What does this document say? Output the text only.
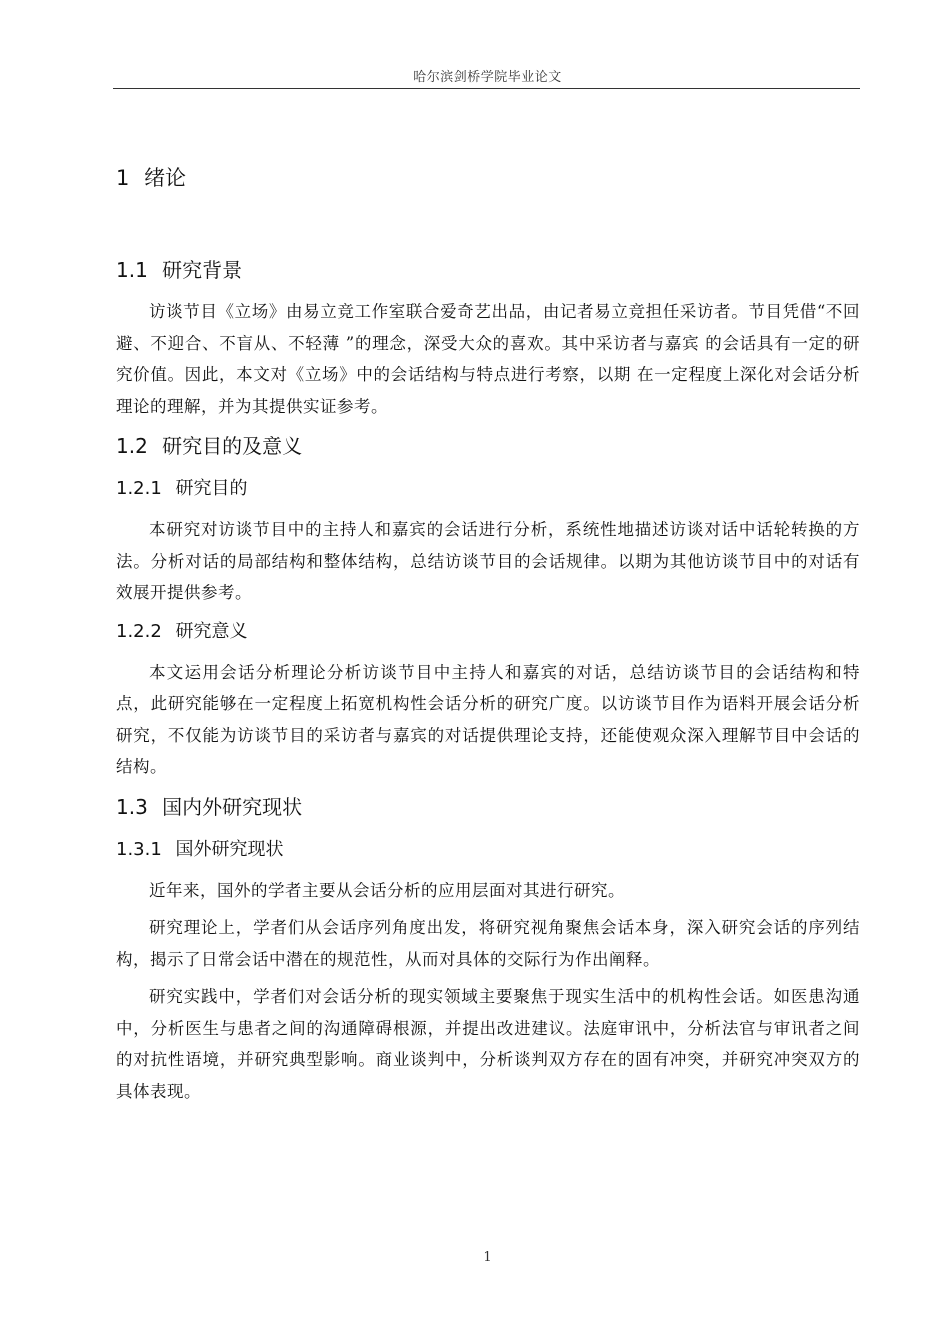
哈尔滨剑桥学院毕业论文
1 绪论
1.1 研究背景

访谈节目《立场》由易立竞工作室联合爱奇艺出品，由记者易立竞担任采访者。节目凭借“不回避、不迎合、不盲从、不轻薄 ”的理念，深受大众的喜欢。其中采访者与嘉宾 的会话具有一定的研究价值。因此，本文对《立场》中的会话结构与特点进行考察，以期 在一定程度上深化对会话分析理论的理解，并为其提供实证参考。

1.2 研究目的及意义
1.2.1 研究目的

本研究对访谈节目中的主持人和嘉宾的会话进行分析，系统性地描述访谈对话中话轮转换的方法。分析对话的局部结构和整体结构，总结访谈节目的会话规律。以期为其他访谈节目中的对话有效展开提供参考。

1.2.2 研究意义

本文运用会话分析理论分析访谈节目中主持人和嘉宾的对话，总结访谈节目的会话结构和特点，此研究能够在一定程度上拓宽机构性会话分析的研究广度。以访谈节目作为语料开展会话分析研究，不仅能为访谈节目的采访者与嘉宾的对话提供理论支持，还能使观众深入理解节目中会话的结构。

1.3 国内外研究现状
1.3.1 国外研究现状

近年来，国外的学者主要从会话分析的应用层面对其进行研究。

研究理论上，学者们从会话序列角度出发，将研究视角聚焦会话本身，深入研究会话的序列结构，揭示了日常会话中潜在的规范性，从而对具体的交际行为作出阐释。

研究实践中，学者们对会话分析的现实领域主要聚焦于现实生活中的机构性会话。如医患沟通中，分析医生与患者之间的沟通障碍根源，并提出改进建议。法庭审讯中，分析法官与审讯者之间的对抗性语境，并研究典型影响。商业谈判中，分析谈判双方存在的固有冲突，并研究冲突双方的具体表现。

1
